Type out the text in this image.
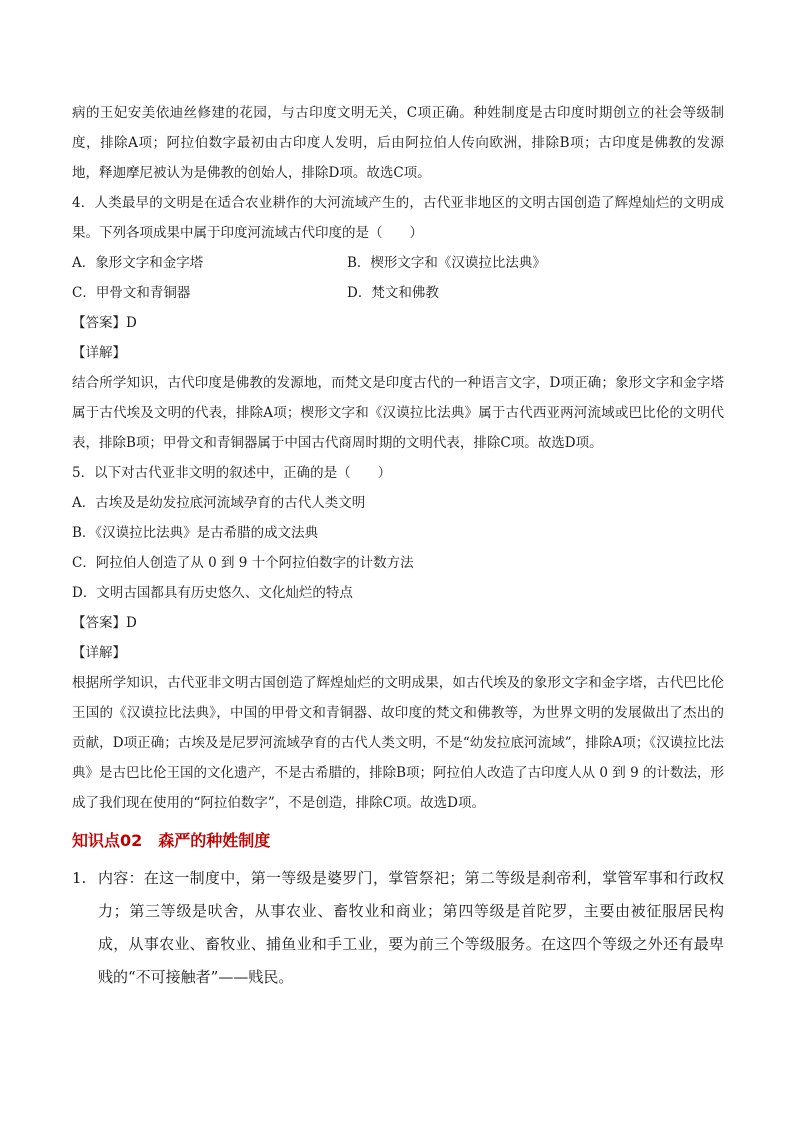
病的王妃安美依迪丝修建的花园，与古印度文明无关，C项正确。种姓制度是古印度时期创立的社会等级制度，排除A项；阿拉伯数字最初由古印度人发明，后由阿拉伯人传向欧洲，排除B项；古印度是佛教的发源地，释迦摩尼被认为是佛教的创始人，排除D项。故选C项。

4．人类最早的文明是在适合农业耕作的大河流域产生的，古代亚非地区的文明古国创造了辉煌灿烂的文明成果。下列各项成果中属于印度河流域古代印度的是（　　）

A．象形文字和金字塔	B．楔形文字和《汉谟拉比法典》
C．甲骨文和青铜器	D．梵文和佛教

【答案】D

【详解】

结合所学知识，古代印度是佛教的发源地，而梵文是印度古代的一种语言文字，D项正确；象形文字和金字塔属于古代埃及文明的代表，排除A项；楔形文字和《汉谟拉比法典》属于古代西亚两河流域或巴比伦的文明代表，排除B项；甲骨文和青铜器属于中国古代商周时期的文明代表，排除C项。故选D项。

5．以下对古代亚非文明的叙述中，正确的是（　　）

A．古埃及是幼发拉底河流域孕育的古代人类文明

B．《汉谟拉比法典》是古希腊的成文法典

C．阿拉伯人创造了从 0 到 9 十个阿拉伯数字的计数方法

D．文明古国都具有历史悠久、文化灿烂的特点

【答案】D

【详解】

根据所学知识，古代亚非文明古国创造了辉煌灿烂的文明成果，如古代埃及的象形文字和金字塔，古代巴比伦王国的《汉谟拉比法典》，中国的甲骨文和青铜器、故印度的梵文和佛教等，为世界文明的发展做出了杰出的贡献，D项正确；古埃及是尼罗河流域孕育的古代人类文明，不是“幼发拉底河流域”，排除A项；《汉谟拉比法典》是古巴比伦王国的文化遗产，不是古希腊的，排除B项；阿拉伯人改造了古印度人从 0 到 9 的计数法，形成了我们现在使用的“阿拉伯数字”，不是创造，排除C项。故选D项。

知识点02 森严的种姓制度
1. 内容：在这一制度中，第一等级是婆罗门，掌管祭祀；第二等级是刹帝利，掌管军事和行政权力；第三等级是吠舍，从事农业、畜牧业和商业；第四等级是首陀罗，主要由被征服居民构成，从事农业、畜牧业、捕鱼业和手工业，要为前三个等级服务。在这四个等级之外还有最卑贱的“不可接触者”——贱民。
